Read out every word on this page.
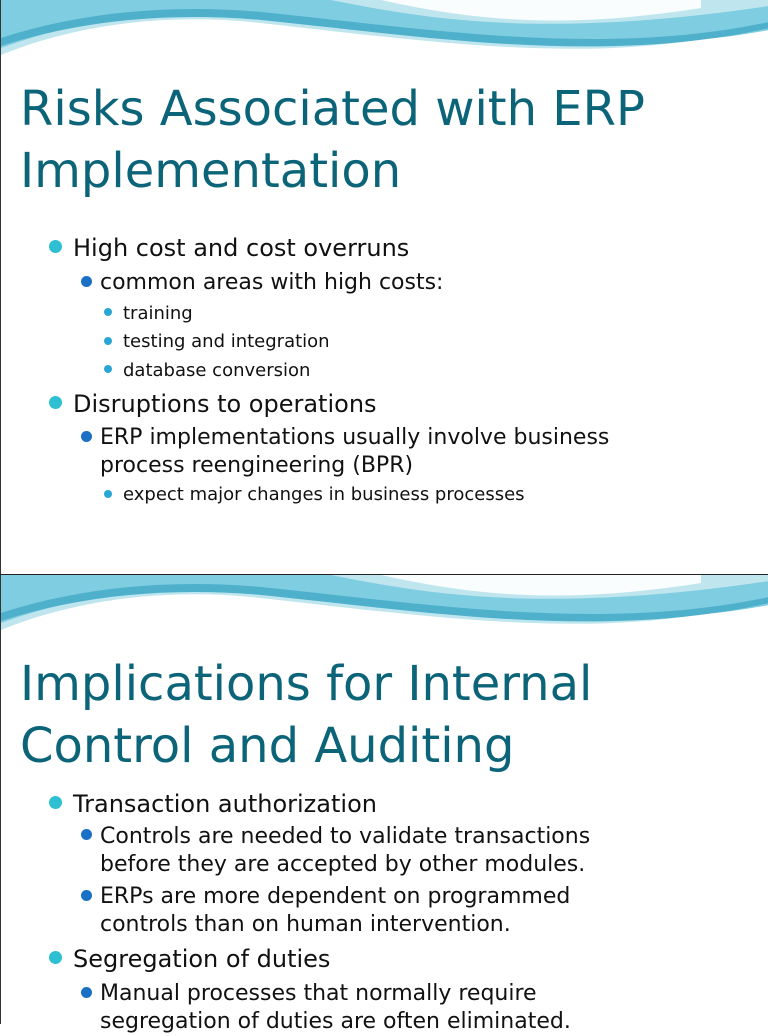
Risks Associated with ERP
Implementation

High cost and cost overruns

common areas with high costs:

training

testing and integration

database conversion

Disruptions to operations

ERP implementations usually involve business

process reengineering (BPR)

expect major changes in business processes

Implications for Internal
Control and Auditing

Transaction authorization

Controls are needed to validate transactions

before they are accepted by other modules.

ERPs are more dependent on programmed

controls than on human intervention.

Segregation of duties

Manual processes that normally require

segregation of duties are often eliminated.
